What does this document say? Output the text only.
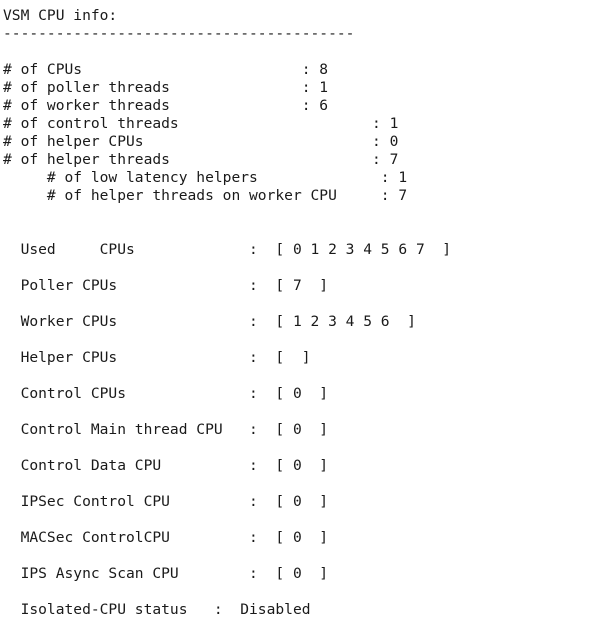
VSM CPU info:
----------------------------------------
# of CPUs                         : 8
# of poller threads               : 1
# of worker threads               : 6
# of control threads                      : 1
# of helper CPUs                          : 0
# of helper threads                       : 7
# of low latency helpers              : 1
# of helper threads on worker CPU     : 7
Used     CPUs             :  [ 0 1 2 3 4 5 6 7  ]
Poller CPUs               :  [ 7  ]
Worker CPUs               :  [ 1 2 3 4 5 6  ]
Helper CPUs               :  [  ]
Control CPUs              :  [ 0  ]
Control Main thread CPU   :  [ 0  ]
Control Data CPU          :  [ 0  ]
IPSec Control CPU         :  [ 0  ]
MACSec ControlCPU         :  [ 0  ]
IPS Async Scan CPU        :  [ 0  ]
Isolated-CPU status   :  Disabled
